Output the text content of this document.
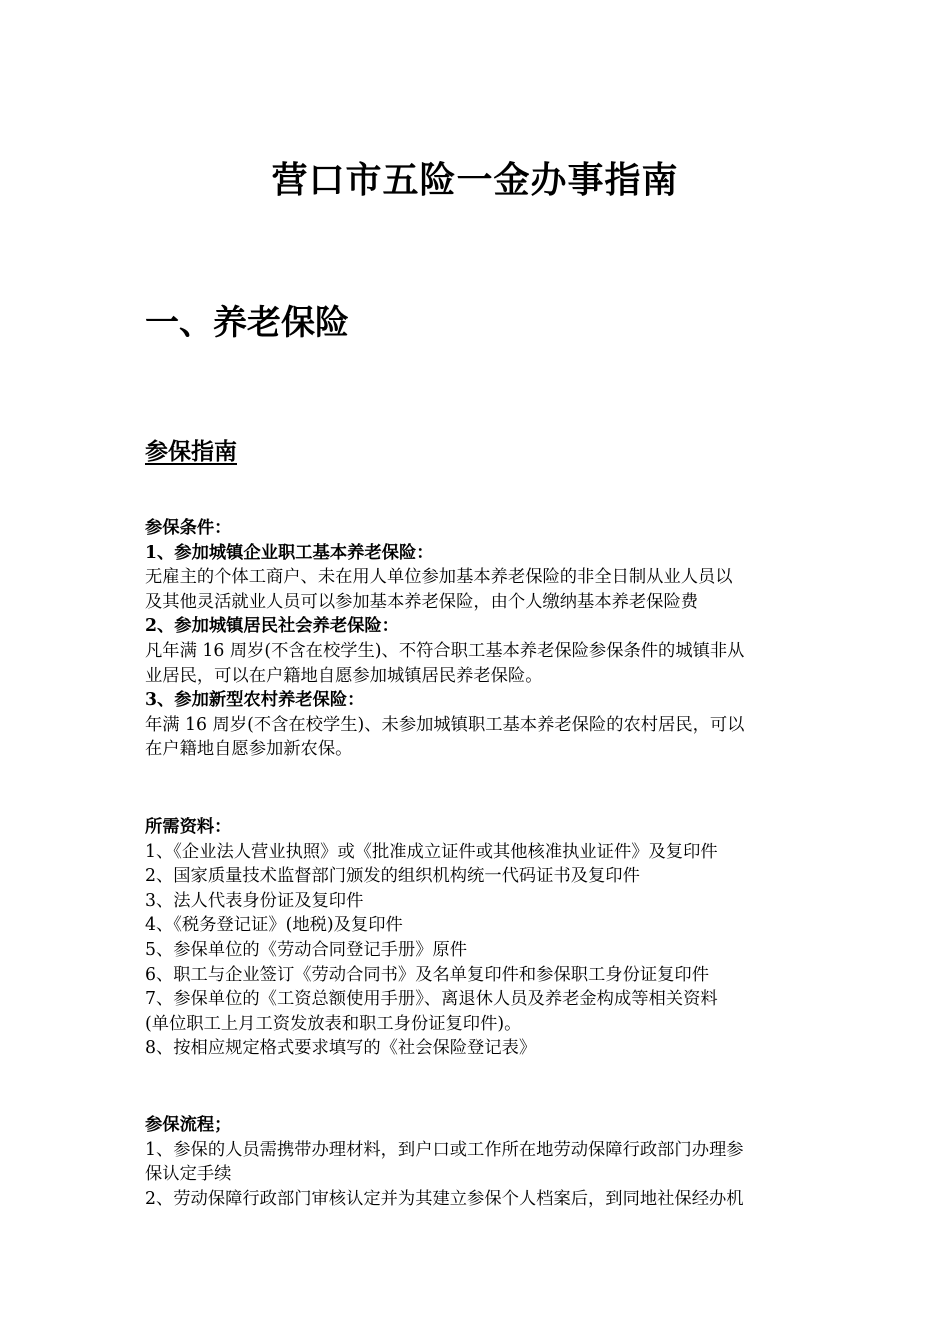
营口市五险一金办事指南
一、养老保险
参保指南

参保条件：

1、参加城镇企业职工基本养老保险：

无雇主的个体工商户、未在用人单位参加基本养老保险的非全日制从业人员以

及其他灵活就业人员可以参加基本养老保险，由个人缴纳基本养老保险费

2、参加城镇居民社会养老保险：

凡年满 16 周岁(不含在校学生)、不符合职工基本养老保险参保条件的城镇非从

业居民，可以在户籍地自愿参加城镇居民养老保险。

3、参加新型农村养老保险：

年满 16 周岁(不含在校学生)、未参加城镇职工基本养老保险的农村居民，可以

在户籍地自愿参加新农保。

所需资料：

1、《企业法人营业执照》或《批准成立证件或其他核准执业证件》及复印件

2、国家质量技术监督部门颁发的组织机构统一代码证书及复印件

3、法人代表身份证及复印件

4、《税务登记证》(地税)及复印件

5、参保单位的《劳动合同登记手册》原件

6、职工与企业签订《劳动合同书》及名单复印件和参保职工身份证复印件

7、参保单位的《工资总额使用手册》、离退休人员及养老金构成等相关资料

(单位职工上月工资发放表和职工身份证复印件)。

8、按相应规定格式要求填写的《社会保险登记表》

参保流程；

1、参保的人员需携带办理材料，到户口或工作所在地劳动保障行政部门办理参

保认定手续

2、劳动保障行政部门审核认定并为其建立参保个人档案后，到同地社保经办机
